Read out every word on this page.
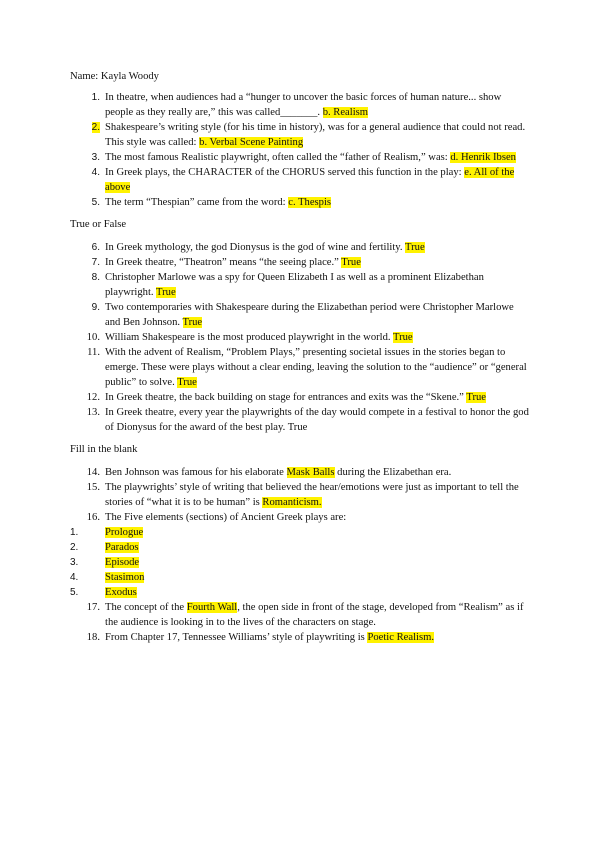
Name: Kayla Woody

1. In theatre, when audiences had a “hunger to uncover the basic forces of human nature... show people as they really are,” this was called_______. b. Realism
2. Shakespeare’s writing style (for his time in history), was for a general audience that could not read. This style was called: b. Verbal Scene Painting
3. The most famous Realistic playwright, often called the “father of Realism,” was: d. Henrik Ibsen
4. In Greek plays, the CHARACTER of the CHORUS served this function in the play: e. All of the above
5. The term “Thespian” came from the word: c. Thespis

True or False

6. In Greek mythology, the god Dionysus is the god of wine and fertility. True
7. In Greek theatre, “Theatron” means “the seeing place.” True
8. Christopher Marlowe was a spy for Queen Elizabeth I as well as a prominent Elizabethan playwright. True
9. Two contemporaries with Shakespeare during the Elizabethan period were Christopher Marlowe and Ben Johnson. True
10. William Shakespeare is the most produced playwright in the world. True
11. With the advent of Realism, “Problem Plays,” presenting societal issues in the stories began to emerge. These were plays without a clear ending, leaving the solution to the “audience” or “general public” to solve. True
12. In Greek theatre, the back building on stage for entrances and exits was the “Skene.” True
13. In Greek theatre, every year the playwrights of the day would compete in a festival to honor the god of Dionysus for the award of the best play. True

Fill in the blank

14. Ben Johnson was famous for his elaborate Mask Balls during the Elizabethan era.
15. The playwrights’ style of writing that believed the hear/emotions were just as important to tell the stories of “what it is to be human” is Romanticism.
16. The Five elements (sections) of Ancient Greek plays are:
1.	Prologue
2.	Parados
3.	Episode
4.	Stasimon
5.	Exodus
17. The concept of the Fourth Wall, the open side in front of the stage, developed from “Realism” as if the audience is looking in to the lives of the characters on stage.
18. From Chapter 17, Tennessee Williams’ style of playwriting is Poetic Realism.
